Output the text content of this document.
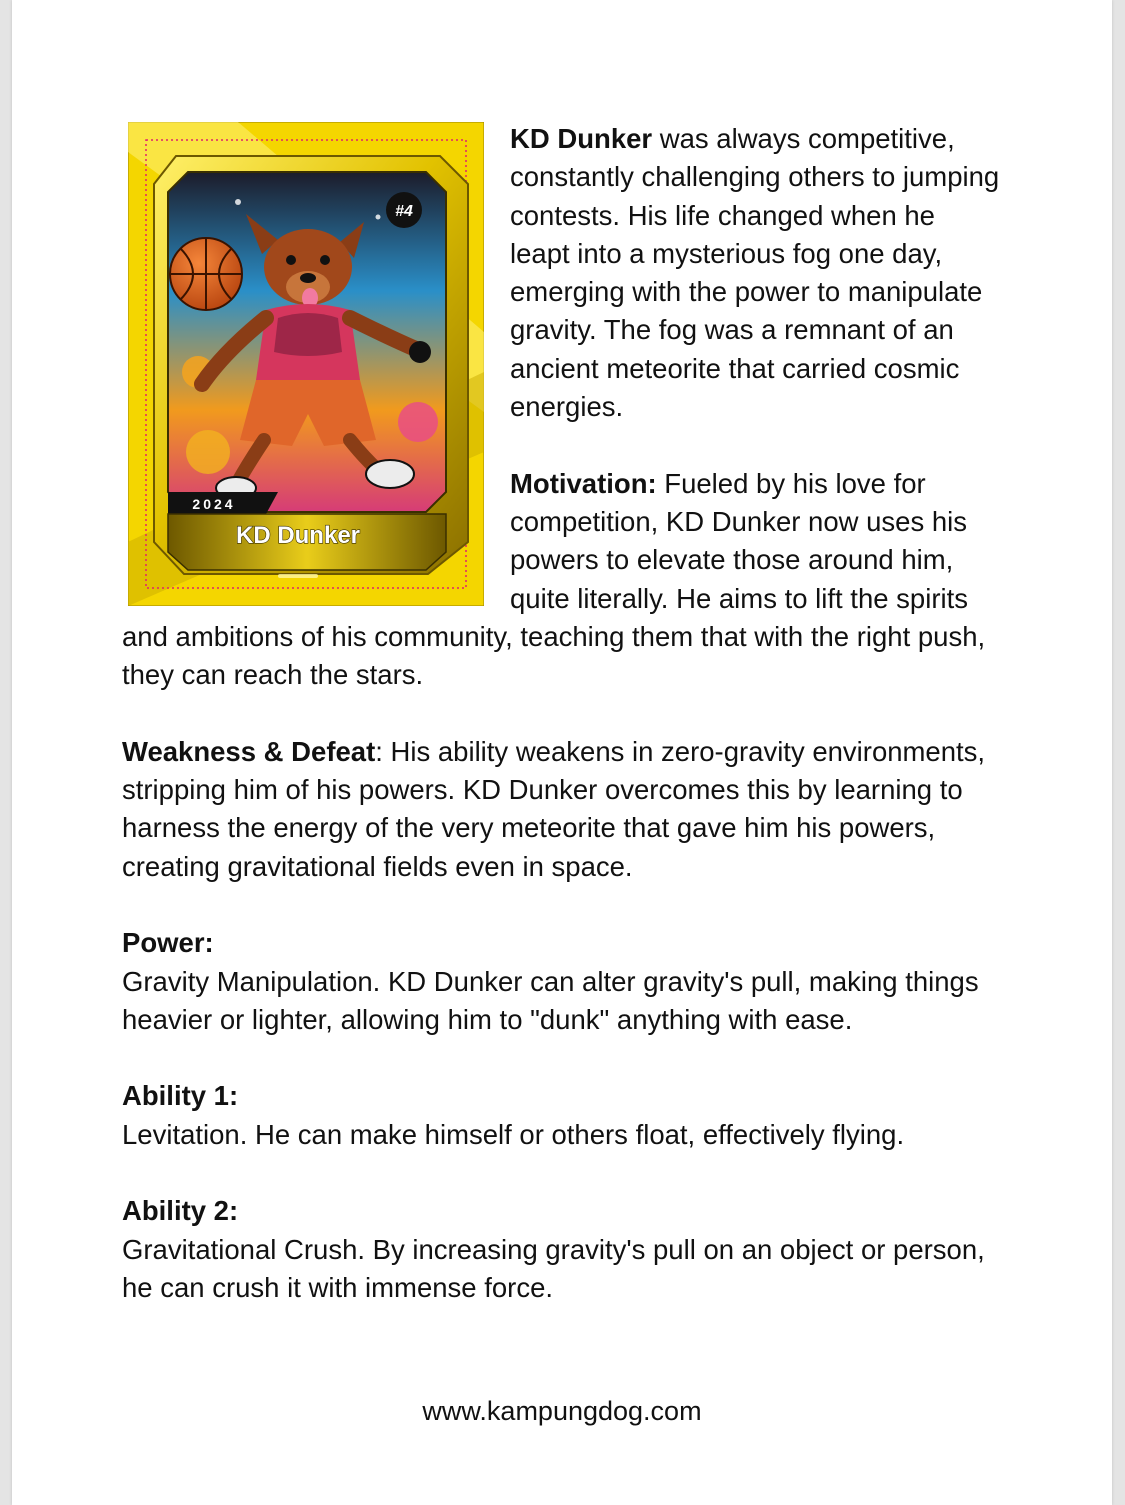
#4
2024
KD Dunker

KD Dunker was always competitive, constantly challenging others to jumping contests. His life changed when he leapt into a mysterious fog one day, emerging with the power to manipulate gravity. The fog was a remnant of an ancient meteorite that carried cosmic energies.

Motivation: Fueled by his love for competition, KD Dunker now uses his powers to elevate those around him, quite literally. He aims to lift the spirits and ambitions of his community, teaching them that with the right push, they can reach the stars.

Weakness & Defeat: His ability weakens in zero-gravity environments, stripping him of his powers. KD Dunker overcomes this by learning to harness the energy of the very meteorite that gave him his powers, creating gravitational fields even in space.

Power:
Gravity Manipulation. KD Dunker can alter gravity's pull, making things heavier or lighter, allowing him to "dunk" anything with ease.

Ability 1:
Levitation. He can make himself or others float, effectively flying.

Ability 2:
Gravitational Crush. By increasing gravity's pull on an object or person, he can crush it with immense force.

www.kampungdog.com
